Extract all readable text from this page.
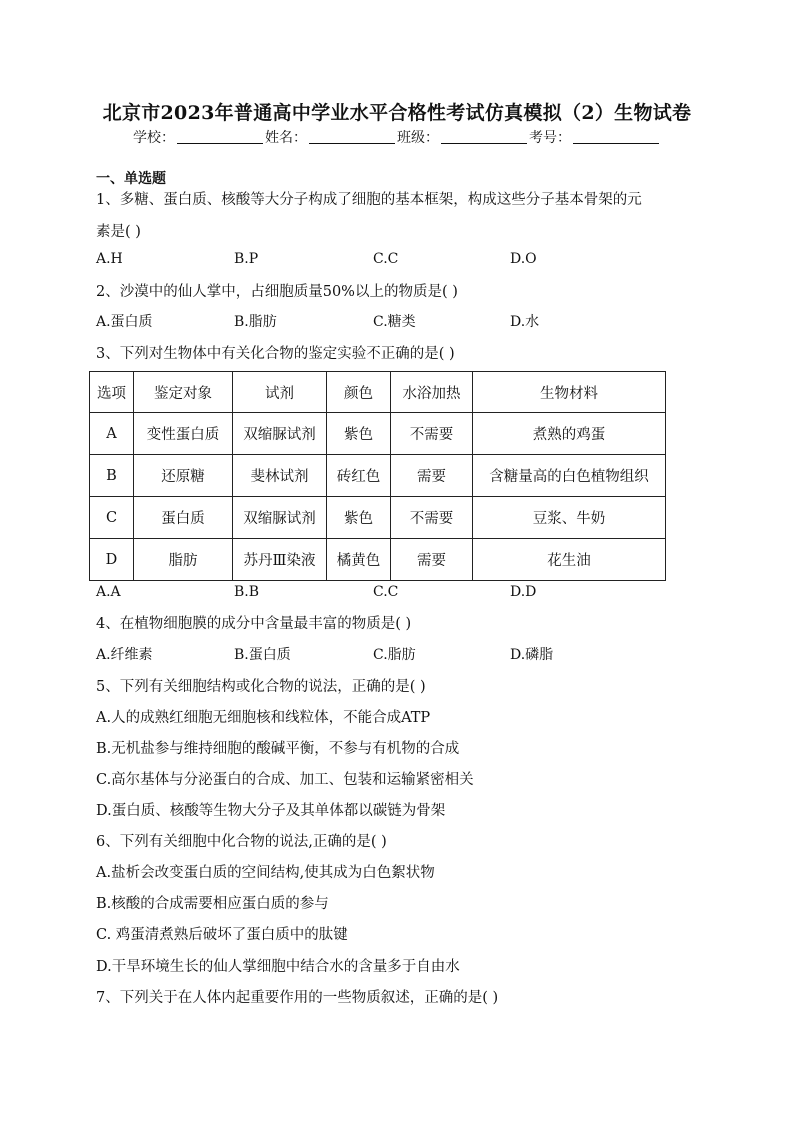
北京市2023年普通高中学业水平合格性考试仿真模拟（2）生物试卷
学校：	姓名：	班级：	考号：
一、单选题
1、多糖、蛋白质、核酸等大分子构成了细胞的基本框架，构成这些分子基本骨架的元
素是( )
A.H	B.P	C.C	D.O
2、沙漠中的仙人掌中，占细胞质量50%以上的物质是( )
A.蛋白质	B.脂肪	C.糖类	D.水
3、下列对生物体中有关化合物的鉴定实验不正确的是( )
选项	鉴定对象	试剂	颜色	水浴加热	生物材料
A	变性蛋白质	双缩脲试剂	紫色	不需要	煮熟的鸡蛋
B	还原糖	斐林试剂	砖红色	需要	含糖量高的白色植物组织
C	蛋白质	双缩脲试剂	紫色	不需要	豆浆、牛奶
D	脂肪	苏丹Ⅲ染液	橘黄色	需要	花生油
A.A	B.B	C.C	D.D
4、在植物细胞膜的成分中含量最丰富的物质是( )
A.纤维素	B.蛋白质	C.脂肪	D.磷脂
5、下列有关细胞结构或化合物的说法，正确的是( )
A.人的成熟红细胞无细胞核和线粒体，不能合成ATP
B.无机盐参与维持细胞的酸碱平衡，不参与有机物的合成
C.高尔基体与分泌蛋白的合成、加工、包装和运输紧密相关
D.蛋白质、核酸等生物大分子及其单体都以碳链为骨架
6、下列有关细胞中化合物的说法,正确的是( )
A.盐析会改变蛋白质的空间结构,使其成为白色絮状物
B.核酸的合成需要相应蛋白质的参与
C. 鸡蛋清煮熟后破坏了蛋白质中的肽键
D.干旱环境生长的仙人掌细胞中结合水的含量多于自由水
7、下列关于在人体内起重要作用的一些物质叙述，正确的是( )
